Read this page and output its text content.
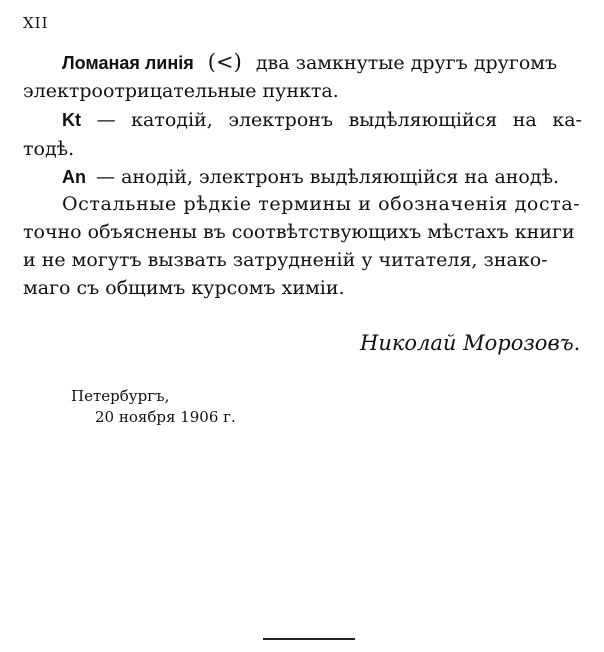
XII
Ломаная линія (<) два замкнутые другъ другомъ
электроотрицательные пункта.
Kt — катодій, электронъ выдѣляющійся на ка-
тодѣ.
An — анодій, электронъ выдѣляющійся на анодѣ.
Остальные рѣдкіе термины и обозначенія доста-
точно объяснены въ соотвѣтствующихъ мѣстахъ книги
и не могутъ вызвать затрудненій у читателя, знако-
маго съ общимъ курсомъ химіи.
Николай Морозовъ.
Петербургъ,
20 ноября 1906 г.
